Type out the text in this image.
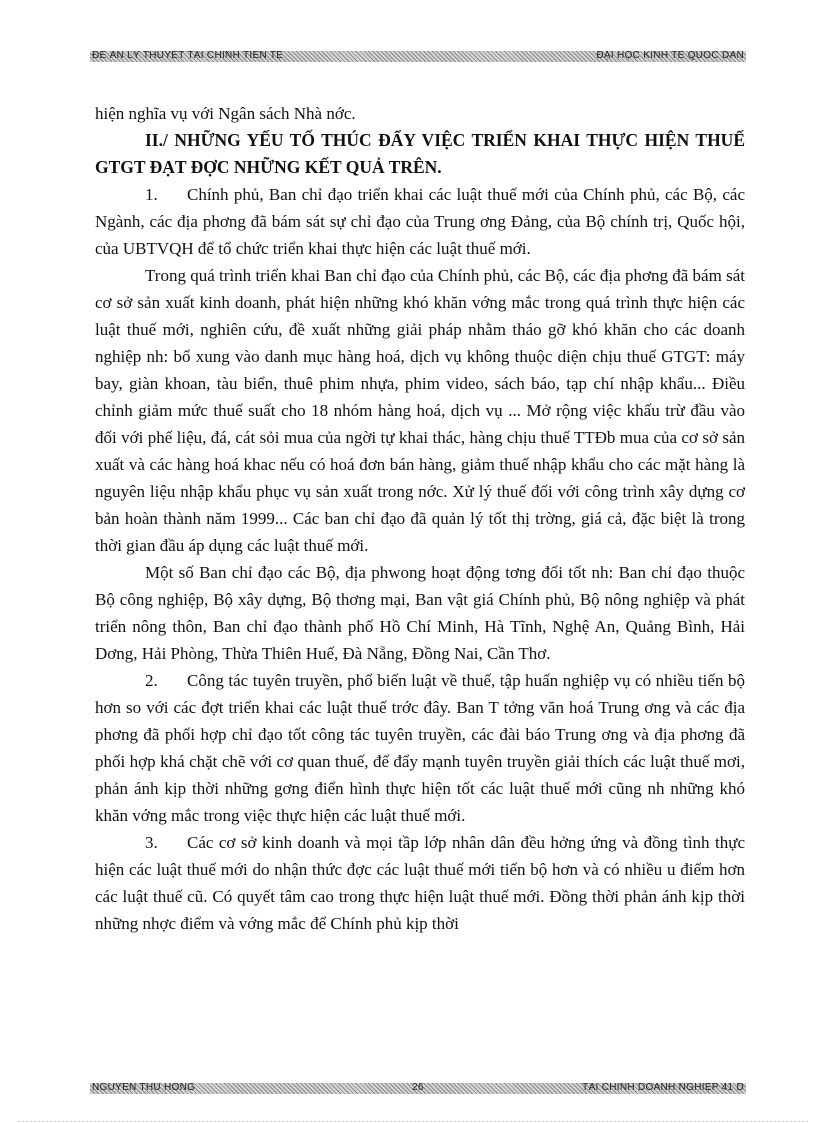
ĐỀ ÁN LÝ THUYẾT TÀI CHÍNH TIỀN TỆ	ĐẠI HỌC KINH TẾ QUỐC DÂN

hiện nghĩa vụ với Ngân sách Nhà nớc.

II./ NHỮNG YẾU TỐ THÚC ĐẨY VIỆC TRIỂN KHAI THỰC HIỆN THUẾ GTGT ĐẠT ĐỢC NHỮNG KẾT QUẢ TRÊN.

1. Chính phủ, Ban chỉ đạo triển khai các luật thuế mới của Chính phủ, các Bộ, các Ngành, các địa phơng đã bám sát sự chỉ đạo của Trung ơng Đảng, của Bộ chính trị, Quốc hội, của UBTVQH để tổ chức triển khai thực hiện các luật thuế mới.

Trong quá trình triển khai Ban chỉ đạo của Chính phủ, các Bộ, các địa phơng đã bám sát cơ sở sản xuất kinh doanh, phát hiện những khó khăn vớng mắc trong quá trình thực hiện các luật thuế mới, nghiên cứu, đề xuất những giải pháp nhằm tháo gỡ khó khăn cho các doanh nghiệp nh: bổ xung vào danh mục hàng hoá, dịch vụ không thuộc diện chịu thuế GTGT: máy bay, giàn khoan, tàu biển, thuê phim nhựa, phim video, sách báo, tạp chí nhập khẩu... Điều chỉnh giảm mức thuế suất cho 18 nhóm hàng hoá, dịch vụ ... Mở rộng việc khấu trừ đầu vào đối với phế liệu, đá, cát sỏi mua của ngời tự khai thác, hàng chịu thuế TTĐb mua của cơ sở sản xuất và các hàng hoá khac nếu có hoá đơn bán hàng, giảm thuế nhập khẩu cho các mặt hàng là nguyên liệu nhập khẩu phục vụ sản xuất trong nớc. Xử lý thuế đối với công trình xây dựng cơ bản hoàn thành năm 1999... Các ban chỉ đạo đã quản lý tốt thị trờng, giá cả, đặc biệt là trong thời gian đầu áp dụng các luật thuế mới.

Một số Ban chỉ đạo các Bộ, địa phwong hoạt động tơng đối tốt nh: Ban chỉ đạo thuộc Bộ công nghiệp, Bộ xây dựng, Bộ thơng mại, Ban vật giá Chính phủ, Bộ nông nghiệp và phát triển nông thôn, Ban chỉ đạo thành phố Hồ Chí Minh, Hà Tĩnh, Nghệ An, Quảng Bình, Hải Dơng, Hải Phòng, Thừa Thiên Huế, Đà Nẵng, Đồng Nai, Cần Thơ.

2. Công tác tuyên truyền, phổ biến luật về thuế, tập huấn nghiệp vụ có nhiều tiến bộ hơn so với các đợt triển khai các luật thuế trớc đây. Ban T tởng văn hoá Trung ơng và các địa phơng đã phối hợp chỉ đạo tốt công tác tuyên truyền, các đài báo Trung ơng và địa phơng đã phối hợp khá chặt chẽ với cơ quan thuế, để đẩy mạnh tuyên truyền giải thích các luật thuế mơi, phản ánh kịp thời những gơng điển hình thực hiện tốt các luật thuế mới cũng nh những khó khăn vớng mắc trong việc thực hiện các luật thuế mới.

3. Các cơ sở kinh doanh và mọi tầp lớp nhân dân đều hởng ứng và đồng tình thực hiện các luật thuế mới do nhận thức đợc các luật thuế mới tiến bộ hơn và có nhiều u điểm hơn các luật thuế cũ. Có quyết tâm cao trong thực hiện luật thuế mới. Đồng thời phản ánh kịp thời những nhợc điểm và vớng mắc để Chính phủ kịp thời

NGUYỄN THU HỒNG	26	TÀI CHÍNH DOANH NGHIỆP 41 D
